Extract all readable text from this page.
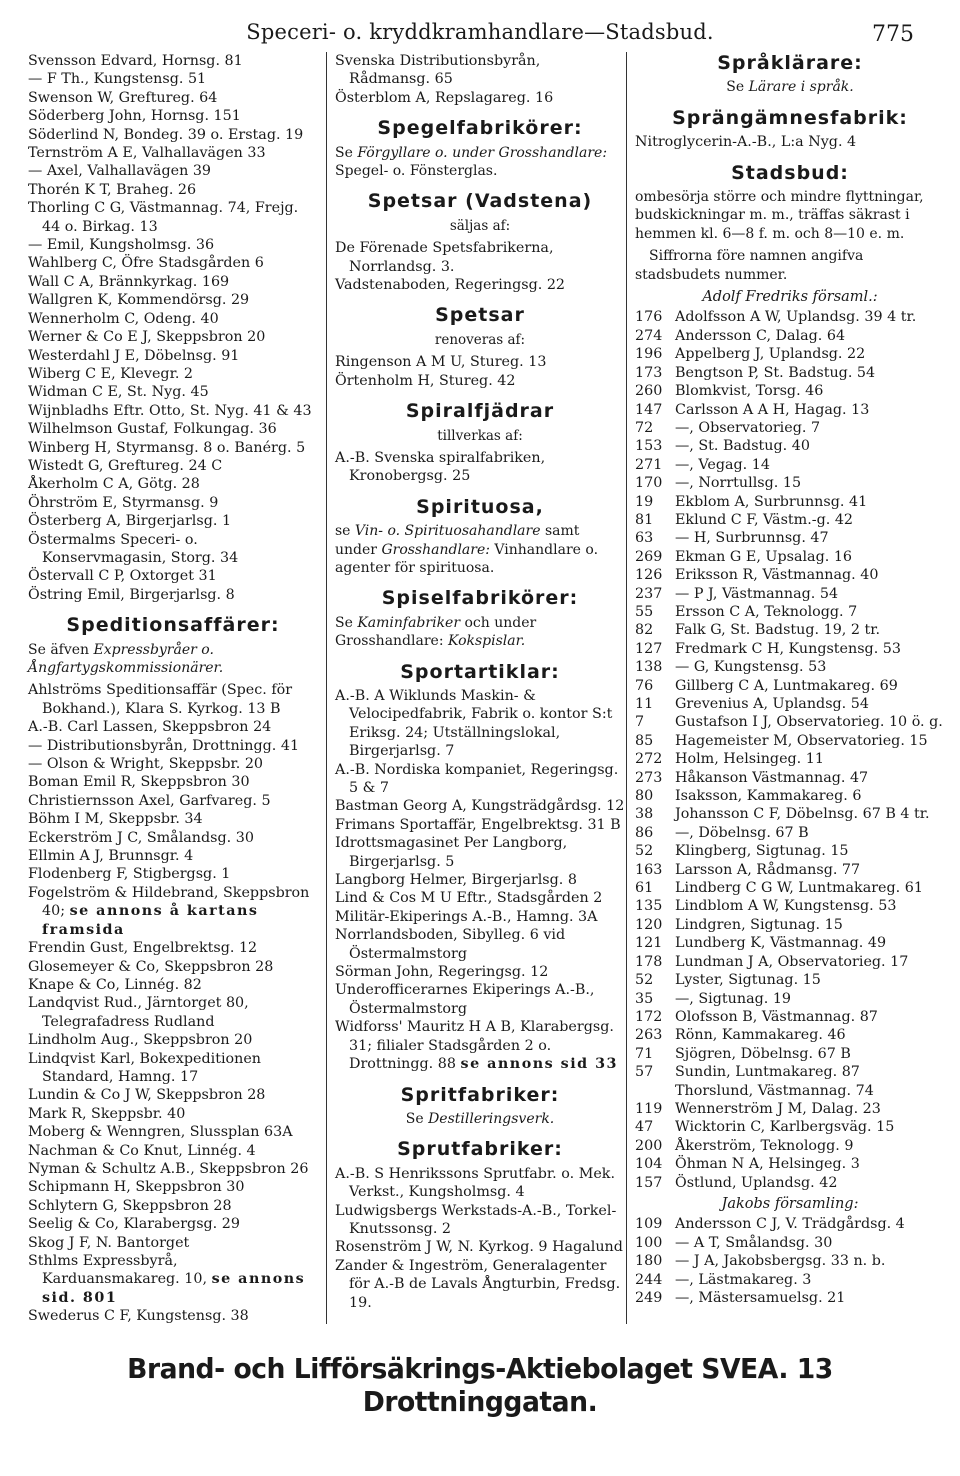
Speceri- o. kryddkramhandlare—Stadsbud.	775

Svensson Edvard, Hornsg. 81

— F Th., Kungstensg. 51

Swenson W, Greftureg. 64

Söderberg John, Hornsg. 151

Söderlind N, Bondeg. 39 o. Erstag. 19

Ternström A E, Valhallavägen 33

— Axel, Valhallavägen 39

Thorén K T, Braheg. 26

Thorling C G, Västmannag. 74, Frejg. 44 o. Birkag. 13

— Emil, Kungsholmsg. 36

Wahlberg C, Öfre Stadsgården 6

Wall C A, Brännkyrkag. 169

Wallgren K, Kommendörsg. 29

Wennerholm C, Odeng. 40

Werner & Co E J, Skeppsbron 20

Westerdahl J E, Döbelnsg. 91

Wiberg C E, Klevegr. 2

Widman C E, St. Nyg. 45

Wijnbladhs Eftr. Otto, St. Nyg. 41 & 43

Wilhelmson Gustaf, Folkungag. 36

Winberg H, Styrmansg. 8 o. Banérg. 5

Wistedt G, Greftureg. 24 C

Åkerholm C A, Götg. 28

Öhrström E, Styrmansg. 9

Österberg A, Birgerjarlsg. 1

Östermalms Speceri- o. Konservmagasin, Storg. 34

Östervall C P, Oxtorget 31

Östring Emil, Birgerjarlsg. 8

Speditionsaffärer:

Se äfven Expressbyråer o. Ångfartygskommissionärer.

Ahlströms Speditionsaffär (Spec. för Bokhand.), Klara S. Kyrkog. 13 B

A.-B. Carl Lassen, Skeppsbron 24

— Distributionsbyrån, Drottningg. 41

— Olson & Wright, Skeppsbr. 20

Boman Emil R, Skeppsbron 30

Christiernsson Axel, Garfvareg. 5

Böhm I M, Skeppsbr. 34

Eckerström J C, Smålandsg. 30

Ellmin A J, Brunnsgr. 4

Flodenberg F, Stigbergsg. 1

Fogelström & Hildebrand, Skeppsbron 40; se annons å kartans framsida

Frendin Gust, Engelbrektsg. 12

Glosemeyer & Co, Skeppsbron 28

Knape & Co, Linnég. 82

Landqvist Rud., Järntorget 80, Telegrafadress Rudland

Lindholm Aug., Skeppsbron 20

Lindqvist Karl, Bokexpeditionen Standard, Hamng. 17

Lundin & Co J W, Skeppsbron 28

Mark R, Skeppsbr. 40

Moberg & Wenngren, Slussplan 63A

Nachman & Co Knut, Linnég. 4

Nyman & Schultz A.B., Skeppsbron 26

Schipmann H, Skeppsbron 30

Schlytern G, Skeppsbron 28

Seelig & Co, Klarabergsg. 29

Skog J F, N. Bantorget

Sthlms Expressbyrå, Karduansmakareg. 10, se annons sid. 801

Swederus C F, Kungstensg. 38

Svenska Distributionsbyrån, Rådmansg. 65

Österblom A, Repslagareg. 16

Spegelfabrikörer:

Se Förgyllare o. under Grosshandlare: Spegel- o. Fönsterglas.

Spetsar (Vadstena)
säljas af:

De Förenade Spetsfabrikerna, Norrlandsg. 3.

Vadstenaboden, Regeringsg. 22

Spetsar
renoveras af:

Ringenson A M U, Stureg. 13

Örtenholm H, Stureg. 42

Spiralfjädrar
tillverkas af:

A.-B. Svenska spiralfabriken, Kronobergsg. 25

Spirituosa,

se Vin- o. Spirituosahandlare samt under Grosshandlare: Vinhandlare o. agenter för spirituosa.

Spiselfabrikörer:

Se Kaminfabriker och under Grosshandlare: Kokspislar.

Sportartiklar:

A.-B. A Wiklunds Maskin- & Velocipedfabrik, Fabrik o. kontor S:t Eriksg. 24; Utställningslokal, Birgerjarlsg. 7

A.-B. Nordiska kompaniet, Regeringsg. 5 & 7

Bastman Georg A, Kungsträdgårdsg. 12

Frimans Sportaffär, Engelbrektsg. 31 B

Idrottsmagasinet Per Langborg, Birgerjarlsg. 5

Langborg Helmer, Birgerjarlsg. 8

Lind & Cos M U Eftr., Stadsgården 2

Militär-Ekiperings A.-B., Hamng. 3A

Norrlandsboden, Sibylleg. 6 vid Östermalmstorg

Sörman John, Regeringsg. 12

Underofficerarnes Ekiperings A.-B., Östermalmstorg

Widforss' Mauritz H A B, Klarabergsg. 31; filialer Stadsgården 2 o. Drottningg. 88 se annons sid 33

Spritfabriker:

Se Destilleringsverk.

Sprutfabriker:

A.-B. S Henrikssons Sprutfabr. o. Mek. Verkst., Kungsholmsg. 4

Ludwigsbergs Werkstads-A.-B., Torkel-Knutssonsg. 2

Rosenström J W, N. Kyrkog. 9 Hagalund

Zander & Ingeström, Generalagenter för A.-B de Lavals Ångturbin, Fredsg. 19.

Språklärare:

Se Lärare i språk.

Sprängämnesfabrik:

Nitroglycerin-A.-B., L:a Nyg. 4

Stadsbud:

ombesörja större och mindre flyttningar, budskickningar m. m., träffas säkrast i hemmen kl. 6—8 f. m. och 8—10 e. m.

Siffrorna före namnen angifva stadsbudets nummer.

Adolf Fredriks församl.:
176 Adolfsson A W, Uplandsg. 39 4 tr.
274 Andersson C, Dalag. 64
196 Appelberg J, Uplandsg. 22
173 Bengtson P, St. Badstug. 54
260 Blomkvist, Torsg. 46
147 Carlsson A A H, Hagag. 13
72	—, Observatorieg. 7
153 —, St. Badstug. 40
271 —, Vegag. 14
170 —, Norrtullsg. 15
19	Ekblom A, Surbrunnsg. 41
81	Eklund C F, Västm.-g. 42
63	— H, Surbrunnsg. 47
269 Ekman G E, Upsalag. 16
126 Eriksson R, Västmannag. 40
237 — P J, Västmannag. 54
55	Ersson C A, Teknologg. 7
82	Falk G, St. Badstug. 19, 2 tr.
127 Fredmark C H, Kungstensg. 53
138 — G, Kungstensg. 53
76	Gillberg C A, Luntmakareg. 69
11	Grevenius A, Uplandsg. 54
7	Gustafson I J, Observatorieg. 10 ö. g.
85	Hagemeister M, Observatorieg. 15
272 Holm, Helsingeg. 11
273 Håkanson Västmannag. 47
80	Isaksson, Kammakareg. 6
38	Johansson C F, Döbelnsg. 67 B 4 tr.
86	—, Döbelnsg. 67 B
52	Klingberg, Sigtunag. 15
163 Larsson A, Rådmansg. 77
61	Lindberg C G W, Luntmakareg. 61
135 Lindblom A W, Kungstensg. 53
120 Lindgren, Sigtunag. 15
121 Lundberg K, Västmannag. 49
178 Lundman J A, Observatorieg. 17
52	Lyster, Sigtunag. 15
35	—, Sigtunag. 19
172 Olofsson B, Västmannag. 87
263 Rönn, Kammakareg. 46
71	Sjögren, Döbelnsg. 67 B
57	Sundin, Luntmakareg. 87
Thorslund, Västmannag. 74
119 Wennerström J M, Dalag. 23
47	Wicktorin C, Karlbergsväg. 15
200 Åkerström, Teknologg. 9
104 Öhman N A, Helsingeg. 3
157 Östlund, Uplandsg. 42
Jakobs församling:
109 Andersson C J, V. Trädgårdsg. 4
100 — A T, Smålandsg. 30
180 — J A, Jakobsbergsg. 33 n. b.
244 —, Lästmakareg. 3
249 —, Mästersamuelsg. 21
Brand- och Lifförsäkrings-Aktiebolaget SVEA. 13 Drottninggatan.
